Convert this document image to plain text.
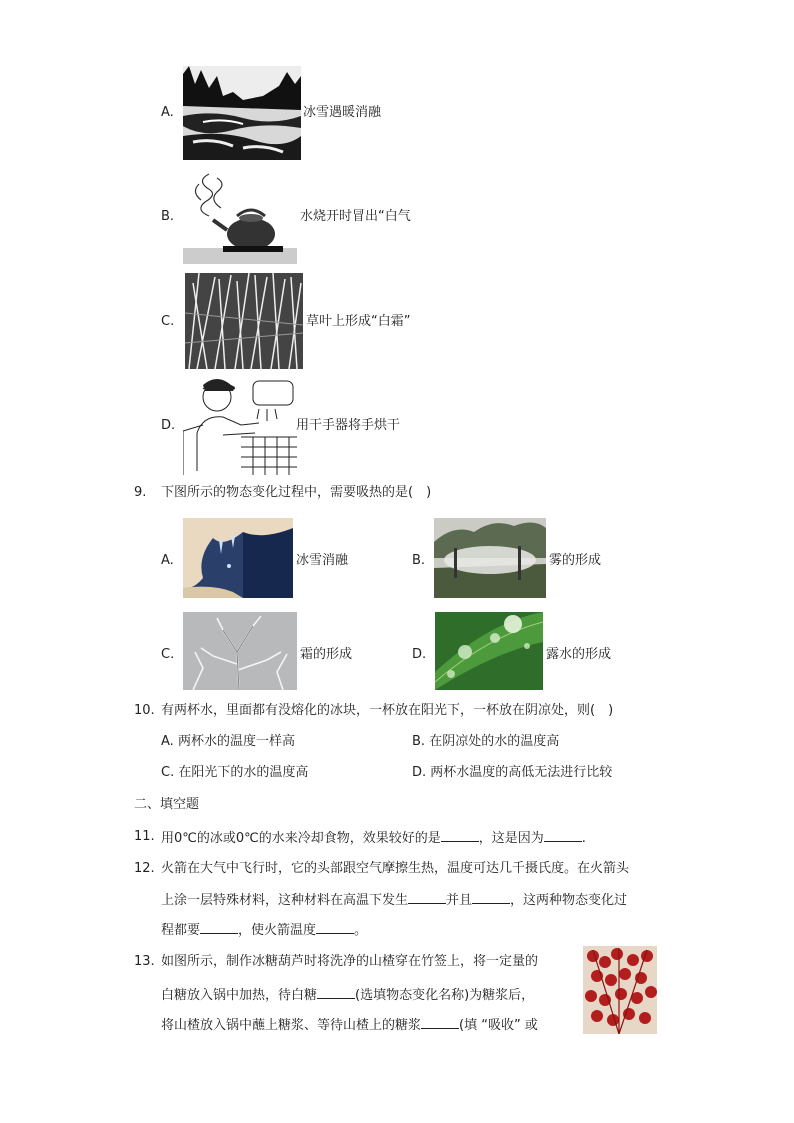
A.	冰雪遇暖消融
B.	水烧开时冒出“白气
C.	草叶上形成“白霜”
D.	用干手器将手烘干
9. 下图所示的物态变化过程中，需要吸热的是(　)
A.	冰雪消融	B.	雾的形成
C.	霜的形成	D.	露水的形成
10. 有两杯水，里面都有没熔化的冰块，一杯放在阳光下，一杯放在阴凉处，则(　)
A. 两杯水的温度一样高	B. 在阴凉处的水的温度高
C. 在阳光下的水的温度高	D. 两杯水温度的高低无法进行比较
二、填空题
11. 用0℃的冰或0℃的水来冷却食物，效果较好的是	，这是因为	.
12. 火箭在大气中飞行时，它的头部跟空气摩擦生热，温度可达几千摄氏度。在火箭头
上涂一层特殊材料，这种材料在高温下发生	并且	，这两种物态变化过
程都要	，使火箭温度	。
13. 如图所示，制作冰糖葫芦时将洗净的山楂穿在竹签上，将一定量的
白糖放入锅中加热，待白糖	(选填物态变化名称)为糖浆后，
将山楂放入锅中蘸上糖浆、等待山楂上的糖浆	(填 “吸收” 或
